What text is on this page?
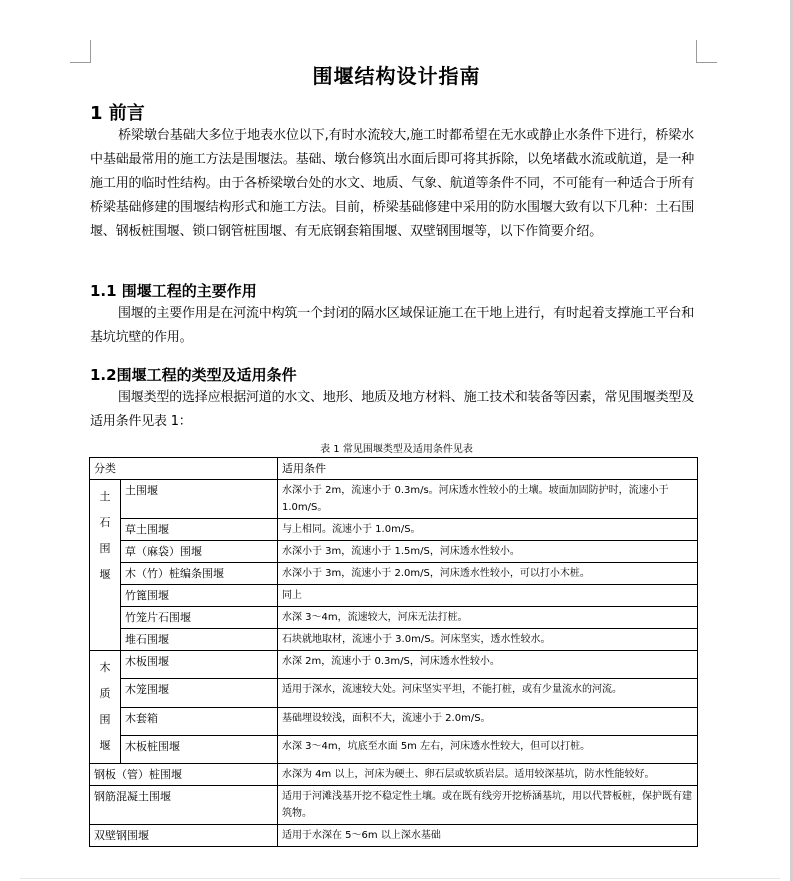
围堰结构设计指南
1 前言
桥梁墩台基础大多位于地表水位以下,有时水流较大,施工时都希望在无水或静止水条件下进行，桥梁水中基础最常用的施工方法是围堰法。基础、墩台修筑出水面后即可将其拆除，以免堵截水流或航道，是一种施工用的临时性结构。由于各桥梁墩台处的水文、地质、气象、航道等条件不同，不可能有一种适合于所有桥梁基础修建的围堰结构形式和施工方法。目前，桥梁基础修建中采用的防水围堰大致有以下几种：土石围堰、钢板桩围堰、锁口钢管桩围堰、有无底钢套箱围堰、双壁钢围堰等，以下作简要介绍。
1.1 围堰工程的主要作用
围堰的主要作用是在河流中构筑一个封闭的隔水区域保证施工在干地上进行，有时起着支撑施工平台和基坑坑壁的作用。
1.2围堰工程的类型及适用条件
围堰类型的选择应根据河道的水文、地形、地质及地方材料、施工技术和装备等因素，常见围堰类型及适用条件见表 1：
表 1 常见围堰类型及适用条件见表
分类		适用条件

土
石
围
堰	土围堰	水深小于 2m，流速小于 0.3m/s。河床透水性较小的土壤。坡面加固防护时，流速小于 1.0m/S。
	草土围堰	与上相同。流速小于 1.0m/S。
	草（麻袋）围堰	水深小于 3m，流速小于 1.5m/S，河床透水性较小。
	木（竹）桩编条围堰	水深小于 3m，流速小于 2.0m/S，河床透水性较小，可以打小木桩。
	竹篦围堰	同上
	竹笼片石围堰	水深 3～4m，流速较大，河床无法打桩。
	堆石围堰	石块就地取材，流速小于 3.0m/S。河床坚实，透水性较水。

木
质
围
堰	木板围堰	水深 2m，流速小于 0.3m/S，河床透水性较小。
	木笼围堰	适用于深水，流速较大处。河床坚实平坦，不能打桩，或有少量流水的河流。
	木套箱	基础埋设较浅，面积不大，流速小于 2.0m/S。
	木板桩围堰	水深 3～4m，坑底至水面 5m 左右，河床透水性较大，但可以打桩。
钢板（管）桩围堰		水深为 4m 以上，河床为硬土、卵石层或软质岩层。适用较深基坑，防水性能较好。
钢筋混凝土围堰		适用于河滩浅基开挖不稳定性土壤。或在既有线旁开挖桥涵基坑，用以代替板桩，保护既有建筑物。
双壁钢围堰		适用于水深在 5～6m 以上深水基础
